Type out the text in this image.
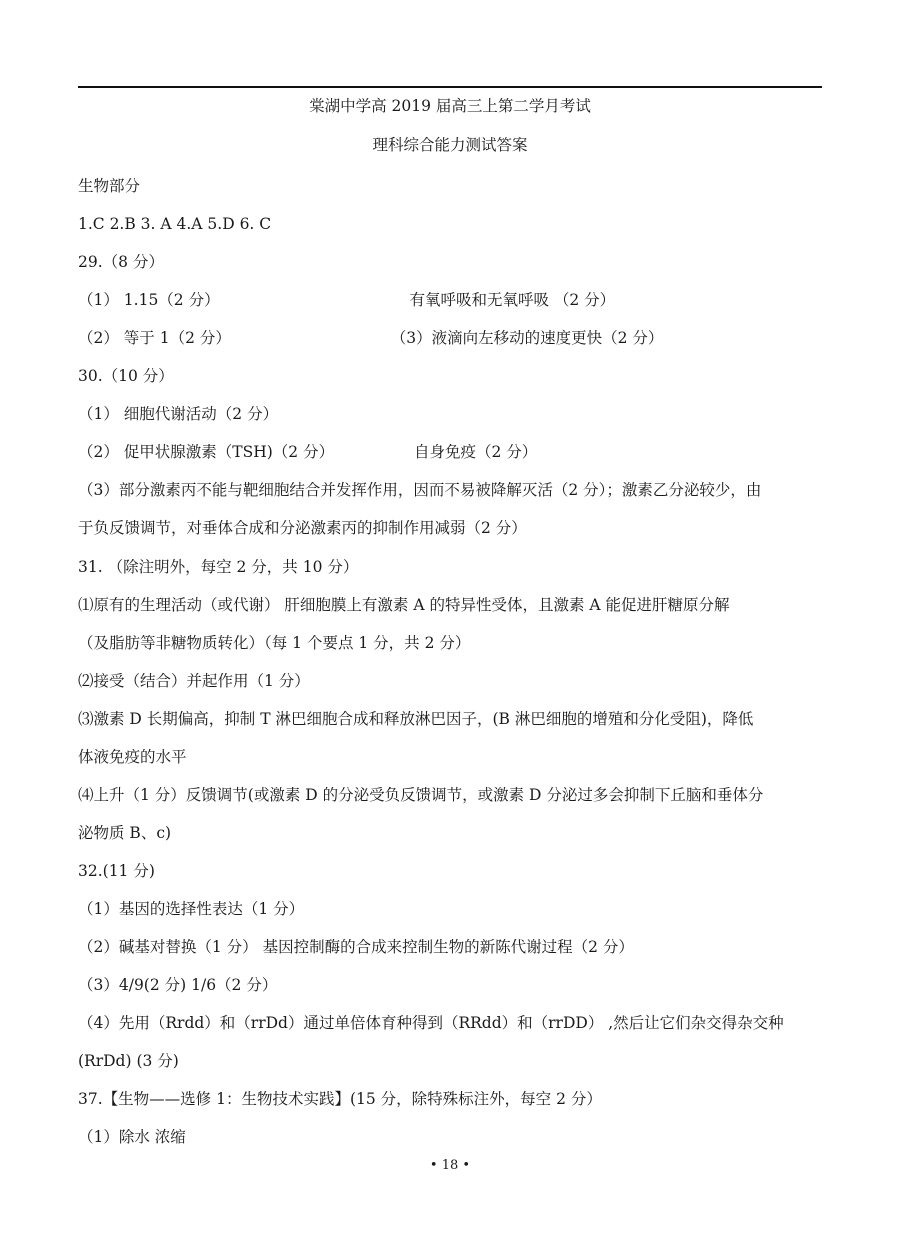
棠湖中学高 2019 届高三上第二学月考试
理科综合能力测试答案
生物部分
1.C 2.B 3. A 4.A 5.D 6. C
29.（8 分）
（1） 1.15（2 分）	有氧呼吸和无氧呼吸 （2 分）
（2） 等于 1（2 分）	（3）液滴向左移动的速度更快（2 分）
30.（10 分）
（1） 细胞代谢活动（2 分）
（2） 促甲状腺激素（TSH)（2 分）	自身免疫（2 分）
（3）部分激素丙不能与靶细胞结合并发挥作用，因而不易被降解灭活（2 分）；激素乙分泌较少，由
于负反馈调节，对垂体合成和分泌激素丙的抑制作用减弱（2 分）
31. （除注明外，每空 2 分，共 10 分）
⑴原有的生理活动（或代谢） 肝细胞膜上有激素 A 的特异性受体，且激素 A 能促进肝糖原分解
（及脂肪等非糖物质转化）（每 1 个要点 1 分，共 2 分）
⑵接受（结合）并起作用（1 分）
⑶激素 D 长期偏高，抑制 T 淋巴细胞合成和释放淋巴因子，(B 淋巴细胞的增殖和分化受阻)，降低
体液免疫的水平
⑷上升（1 分）反馈调节(或激素 D 的分泌受负反馈调节，或激素 D 分泌过多会抑制下丘脑和垂体分
泌物质 B、c)
32.(11 分)
（1）基因的选择性表达（1 分）
（2）碱基对替换（1 分） 基因控制酶的合成来控制生物的新陈代谢过程（2 分）
（3）4/9(2 分) 1/6（2 分）
（4）先用（Rrdd）和（rrDd）通过单倍体育种得到（RRdd）和（rrDD） ,然后让它们杂交得杂交种
(RrDd) (3 分)
37.【生物——选修 1：生物技术实践】(15 分，除特殊标注外，每空 2 分）
（1）除水 浓缩
• 18 •
